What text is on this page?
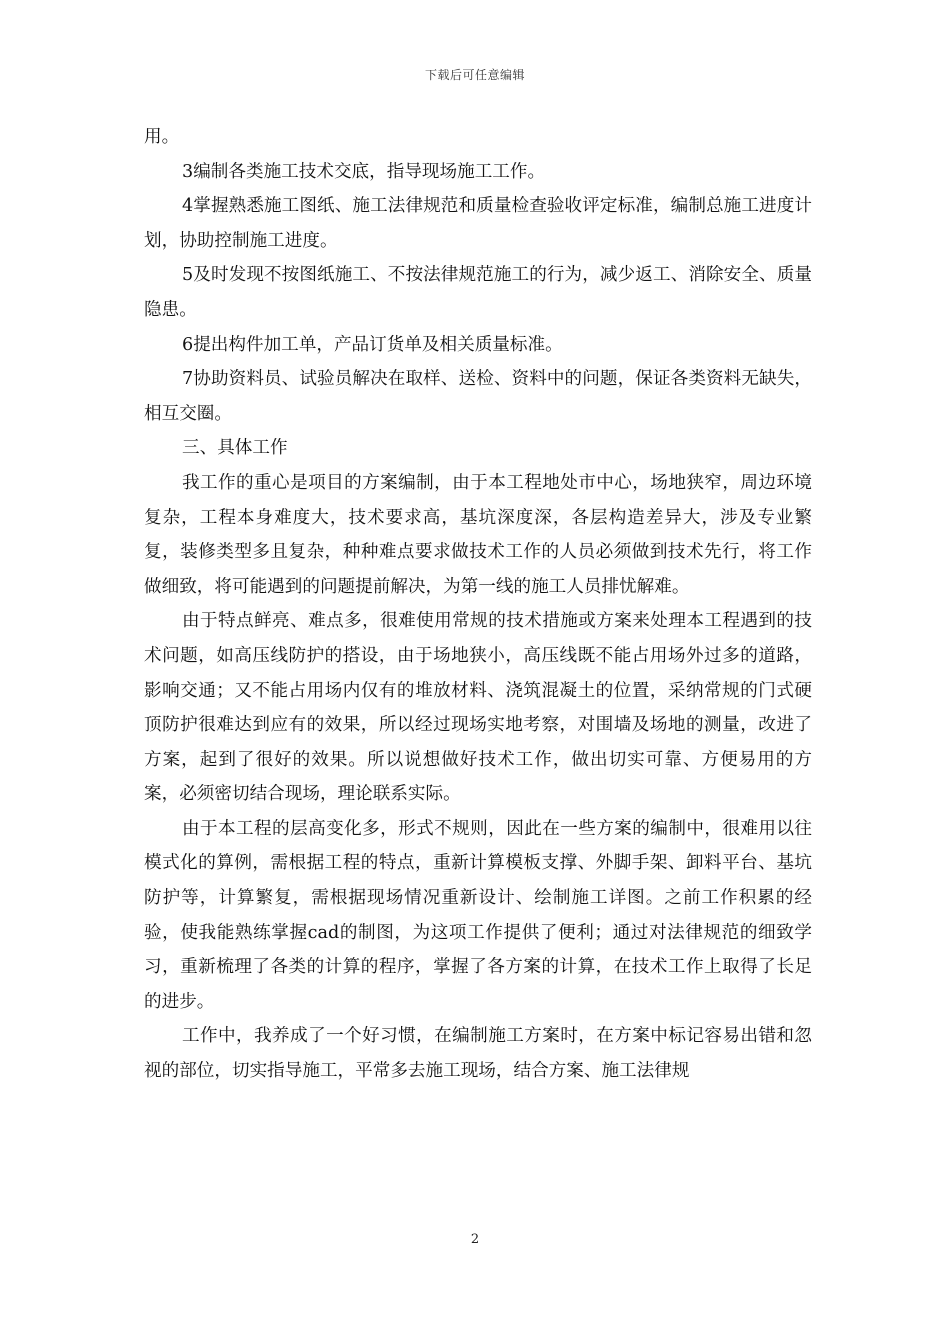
下载后可任意编辑

用。

3编制各类施工技术交底，指导现场施工工作。

4掌握熟悉施工图纸、施工法律规范和质量检查验收评定标准，编制总施工进度计划，协助控制施工进度。

5及时发现不按图纸施工、不按法律规范施工的行为，减少返工、消除安全、质量隐患。

6提出构件加工单，产品订货单及相关质量标准。

7协助资料员、试验员解决在取样、送检、资料中的问题，保证各类资料无缺失，相互交圈。

三、具体工作

我工作的重心是项目的方案编制，由于本工程地处市中心，场地狭窄，周边环境复杂，工程本身难度大，技术要求高，基坑深度深，各层构造差异大，涉及专业繁复，装修类型多且复杂，种种难点要求做技术工作的人员必须做到技术先行，将工作做细致，将可能遇到的问题提前解决，为第一线的施工人员排忧解难。

由于特点鲜亮、难点多，很难使用常规的技术措施或方案来处理本工程遇到的技术问题，如高压线防护的搭设，由于场地狭小，高压线既不能占用场外过多的道路，影响交通；又不能占用场内仅有的堆放材料、浇筑混凝土的位置，采纳常规的门式硬顶防护很难达到应有的效果，所以经过现场实地考察，对围墙及场地的测量，改进了方案，起到了很好的效果。所以说想做好技术工作，做出切实可靠、方便易用的方案，必须密切结合现场，理论联系实际。

由于本工程的层高变化多，形式不规则，因此在一些方案的编制中，很难用以往模式化的算例，需根据工程的特点，重新计算模板支撑、外脚手架、卸料平台、基坑防护等，计算繁复，需根据现场情况重新设计、绘制施工详图。之前工作积累的经验，使我能熟练掌握cad的制图，为这项工作提供了便利；通过对法律规范的细致学习，重新梳理了各类的计算的程序，掌握了各方案的计算，在技术工作上取得了长足的进步。

工作中，我养成了一个好习惯，在编制施工方案时，在方案中标记容易出错和忽视的部位，切实指导施工，平常多去施工现场，结合方案、施工法律规

2
